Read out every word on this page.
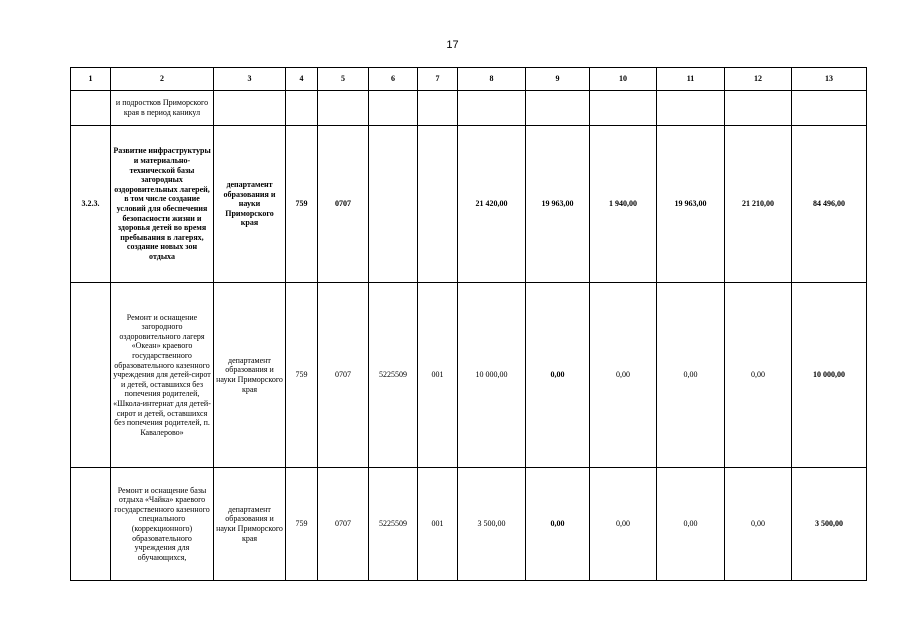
17
1	2	3	4	5	6	7	8	9	10	11	12	13
	и подростков Приморского края в период каникул											
3.2.3.	Развитие инфраструктуры и материально-технической базы загородных оздоровительных лагерей, в том числе создание условий для обеспечения безопасности жизни и здоровья детей во время пребывания в лагерях, создание новых зон отдыха	департамент образования и науки Приморского края	759	0707			21 420,00	19 963,00	1 940,00	19 963,00	21 210,00	84 496,00
	Ремонт и оснащение загородного оздоровительного лагеря «Океан» краевого государственного образовательного казенного учреждения для детей-сирот и детей, оставшихся без попечения родителей, «Школа-интернат для детей-сирот и детей, оставшихся без попечения родителей, п. Кавалерово»	департамент образования и науки Приморского края	759	0707	5225509	001	10 000,00	0,00	0,00	0,00	0,00	10 000,00
	Ремонт и оснащение базы отдыха «Чайка» краевого государственного казенного специального (коррекционного) образовательного учреждения для обучающихся,	департамент образования и науки Приморского края	759	0707	5225509	001	3 500,00	0,00	0,00	0,00	0,00	3 500,00
